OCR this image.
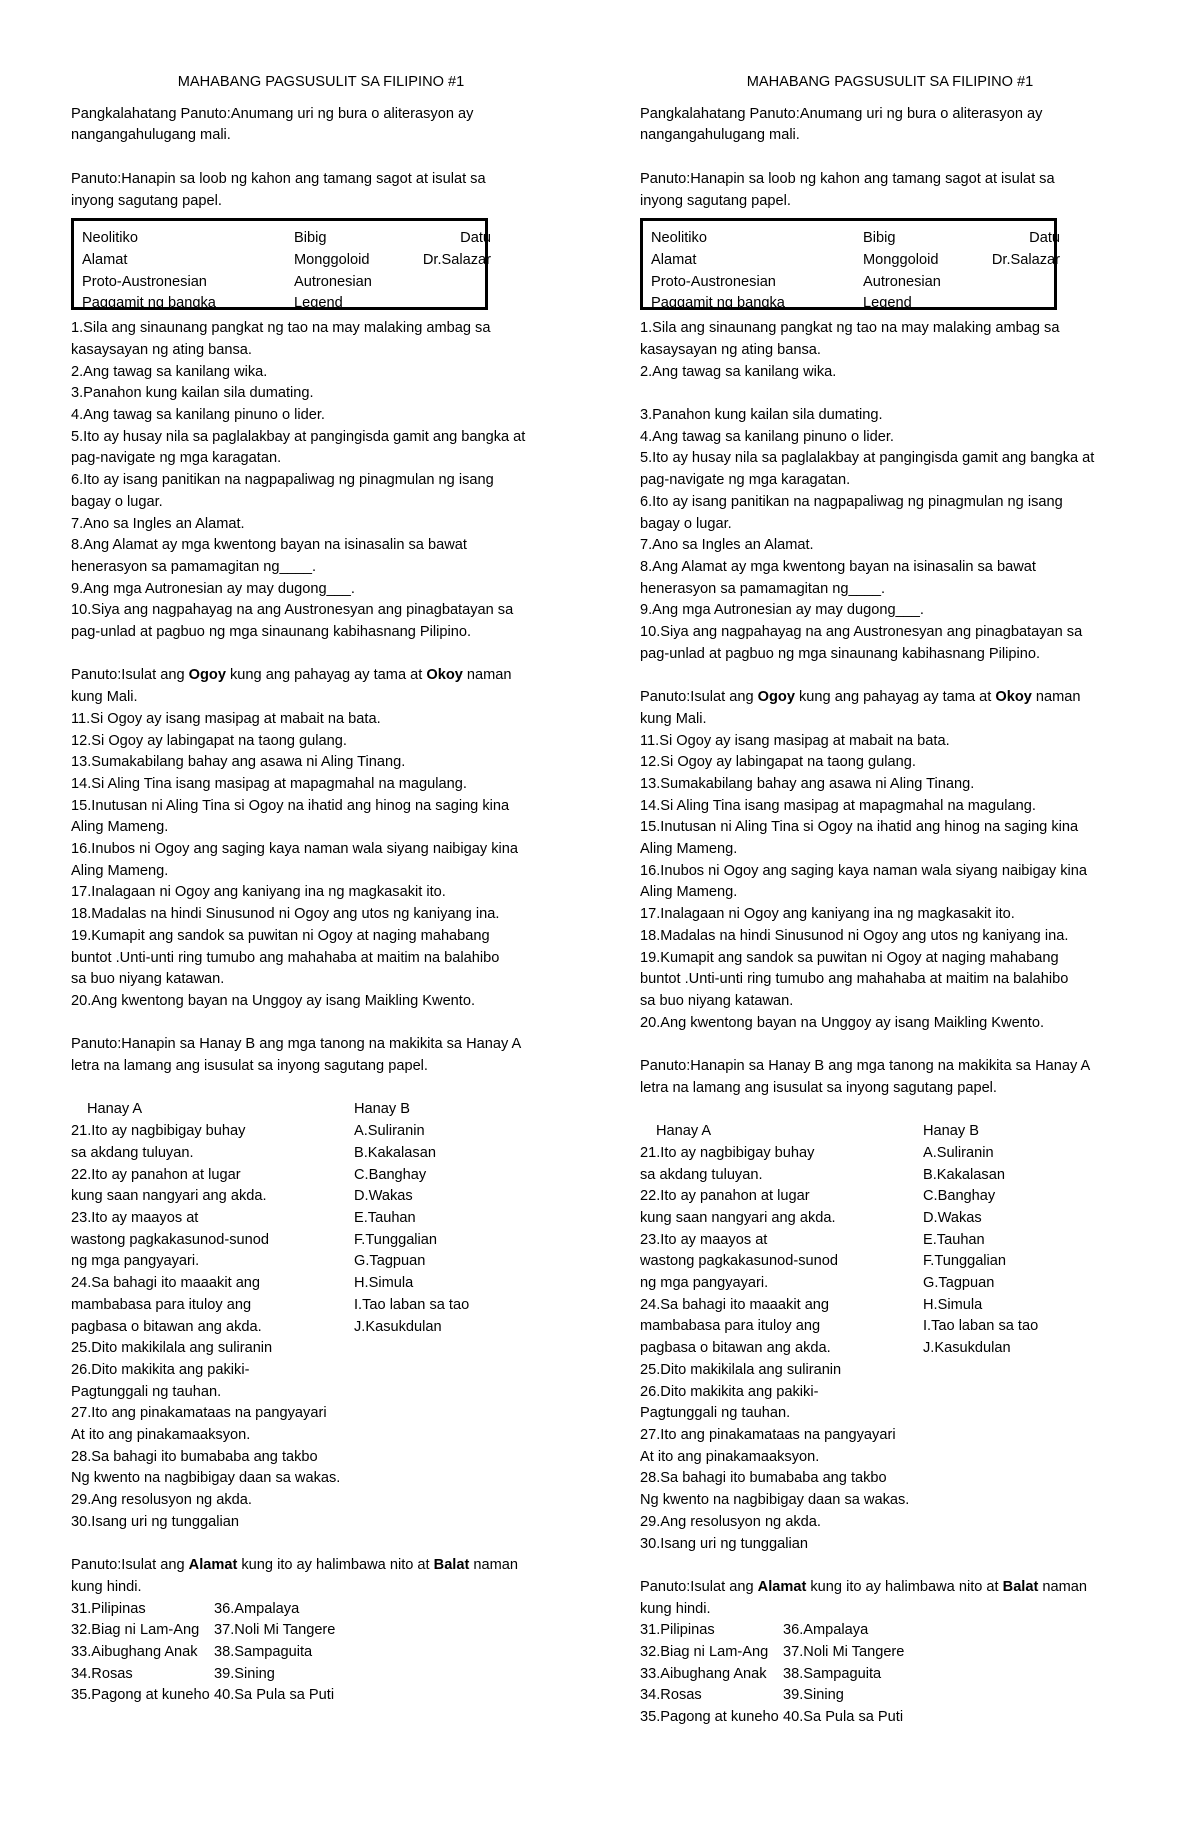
MAHABANG PAGSUSULIT SA FILIPINO #1

Pangkalahatang Panuto:Anumang uri ng bura o aliterasyon ay

nangangahulugang mali.

Panuto:Hanapin sa loob ng kahon ang tamang sagot at isulat sa

inyong sagutang papel.

Neolitiko	Bibig	Datu
Alamat	Monggoloid	Dr.Salazar
Proto-Austronesian	Autronesian
Paggamit ng bangka	Legend

1.Sila ang sinaunang pangkat ng tao na may malaking ambag sa

kasaysayan ng ating bansa.

2.Ang tawag sa kanilang wika.

3.Panahon kung kailan sila dumating.

4.Ang tawag sa kanilang pinuno o lider.

5.Ito ay husay nila sa paglalakbay at pangingisda gamit ang bangka at

pag-navigate ng mga karagatan.

6.Ito ay isang panitikan na nagpapaliwag ng pinagmulan ng isang

bagay o lugar.

7.Ano sa Ingles an Alamat.

8.Ang Alamat ay mga kwentong bayan na isinasalin sa bawat

henerasyon sa pamamagitan ng____.

9.Ang mga Autronesian ay may dugong___.

10.Siya ang nagpahayag na ang Austronesyan ang pinagbatayan sa

pag-unlad at pagbuo ng mga sinaunang kabihasnang Pilipino.

Panuto:Isulat ang Ogoy kung ang pahayag ay tama at Okoy naman

kung Mali.

11.Si Ogoy ay isang masipag at mabait na bata.

12.Si Ogoy ay labingapat na taong gulang.

13.Sumakabilang bahay ang asawa ni Aling Tinang.

14.Si Aling Tina isang masipag at mapagmahal na magulang.

15.Inutusan ni Aling Tina si Ogoy na ihatid ang hinog na saging kina

Aling Mameng.

16.Inubos ni Ogoy ang saging kaya naman wala siyang naibigay kina

Aling Mameng.

17.Inalagaan ni Ogoy ang kaniyang ina ng magkasakit ito.

18.Madalas na hindi Sinusunod ni Ogoy ang utos ng kaniyang ina.

19.Kumapit ang sandok sa puwitan ni Ogoy at naging mahabang

buntot .Unti-unti ring tumubo ang mahahaba at maitim na balahibo

sa buo niyang katawan.

20.Ang kwentong bayan na Unggoy ay isang Maikling Kwento.

Panuto:Hanapin sa Hanay B ang mga tanong na makikita sa Hanay A

letra na lamang ang isusulat sa inyong sagutang papel.

Hanay A	Hanay B
21.Ito ay nagbibigay buhay	A.Suliranin
sa akdang tuluyan.	B.Kakalasan
22.Ito ay panahon at lugar	C.Banghay
kung saan nangyari ang akda.	D.Wakas
23.Ito ay maayos at	E.Tauhan
wastong pagkakasunod-sunod	F.Tunggalian
ng mga pangyayari.	G.Tagpuan
24.Sa bahagi ito maaakit ang	H.Simula
mambabasa para ituloy ang	I.Tao laban sa tao
pagbasa o bitawan ang akda.	J.Kasukdulan
25.Dito makikilala ang suliranin
26.Dito makikita ang pakiki-
Pagtunggali ng tauhan.
27.Ito ang pinakamataas na pangyayari
At ito ang pinakamaaksyon.
28.Sa bahagi ito bumababa ang takbo
Ng kwento na nagbibigay daan sa wakas.
29.Ang resolusyon ng akda.
30.Isang uri ng tunggalian

Panuto:Isulat ang Alamat kung ito ay halimbawa nito at Balat naman

kung hindi.

31.Pilipinas	36.Ampalaya
32.Biag ni Lam-Ang	37.Noli Mi Tangere
33.Aibughang Anak	38.Sampaguita
34.Rosas	39.Sining
35.Pagong at kuneho 40.Sa Pula sa Puti
MAHABANG PAGSUSULIT SA FILIPINO #1

Pangkalahatang Panuto:Anumang uri ng bura o aliterasyon ay

nangangahulugang mali.

Panuto:Hanapin sa loob ng kahon ang tamang sagot at isulat sa

inyong sagutang papel.

Neolitiko	Bibig	Datu
Alamat	Monggoloid	Dr.Salazar
Proto-Austronesian	Autronesian
Paggamit ng bangka	Legend

1.Sila ang sinaunang pangkat ng tao na may malaking ambag sa

kasaysayan ng ating bansa.

2.Ang tawag sa kanilang wika.

3.Panahon kung kailan sila dumating.

4.Ang tawag sa kanilang pinuno o lider.

5.Ito ay husay nila sa paglalakbay at pangingisda gamit ang bangka at

pag-navigate ng mga karagatan.

6.Ito ay isang panitikan na nagpapaliwag ng pinagmulan ng isang

bagay o lugar.

7.Ano sa Ingles an Alamat.

8.Ang Alamat ay mga kwentong bayan na isinasalin sa bawat

henerasyon sa pamamagitan ng____.

9.Ang mga Autronesian ay may dugong___.

10.Siya ang nagpahayag na ang Austronesyan ang pinagbatayan sa

pag-unlad at pagbuo ng mga sinaunang kabihasnang Pilipino.

Panuto:Isulat ang Ogoy kung ang pahayag ay tama at Okoy naman

kung Mali.

11.Si Ogoy ay isang masipag at mabait na bata.

12.Si Ogoy ay labingapat na taong gulang.

13.Sumakabilang bahay ang asawa ni Aling Tinang.

14.Si Aling Tina isang masipag at mapagmahal na magulang.

15.Inutusan ni Aling Tina si Ogoy na ihatid ang hinog na saging kina

Aling Mameng.

16.Inubos ni Ogoy ang saging kaya naman wala siyang naibigay kina

Aling Mameng.

17.Inalagaan ni Ogoy ang kaniyang ina ng magkasakit ito.

18.Madalas na hindi Sinusunod ni Ogoy ang utos ng kaniyang ina.

19.Kumapit ang sandok sa puwitan ni Ogoy at naging mahabang

buntot .Unti-unti ring tumubo ang mahahaba at maitim na balahibo

sa buo niyang katawan.

20.Ang kwentong bayan na Unggoy ay isang Maikling Kwento.

Panuto:Hanapin sa Hanay B ang mga tanong na makikita sa Hanay A

letra na lamang ang isusulat sa inyong sagutang papel.

Hanay A	Hanay B
21.Ito ay nagbibigay buhay	A.Suliranin
sa akdang tuluyan.	B.Kakalasan
22.Ito ay panahon at lugar	C.Banghay
kung saan nangyari ang akda.	D.Wakas
23.Ito ay maayos at	E.Tauhan
wastong pagkakasunod-sunod	F.Tunggalian
ng mga pangyayari.	G.Tagpuan
24.Sa bahagi ito maaakit ang	H.Simula
mambabasa para ituloy ang	I.Tao laban sa tao
pagbasa o bitawan ang akda.	J.Kasukdulan
25.Dito makikilala ang suliranin
26.Dito makikita ang pakiki-
Pagtunggali ng tauhan.
27.Ito ang pinakamataas na pangyayari
At ito ang pinakamaaksyon.
28.Sa bahagi ito bumababa ang takbo
Ng kwento na nagbibigay daan sa wakas.
29.Ang resolusyon ng akda.
30.Isang uri ng tunggalian

Panuto:Isulat ang Alamat kung ito ay halimbawa nito at Balat naman

kung hindi.

31.Pilipinas	36.Ampalaya
32.Biag ni Lam-Ang	37.Noli Mi Tangere
33.Aibughang Anak	38.Sampaguita
34.Rosas	39.Sining
35.Pagong at kuneho 40.Sa Pula sa Puti
